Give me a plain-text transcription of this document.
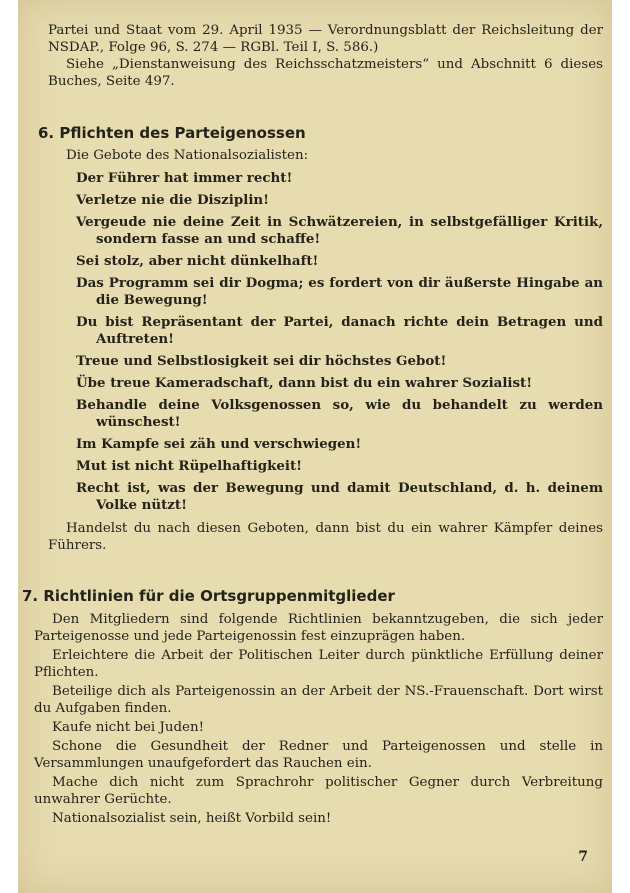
Partei und Staat vom 29. April 1935 — Verordnungsblatt der Reichsleitung der NSDAP., Folge 96, S. 274 — RGBl. Teil I, S. 586.)

Siehe „Dienstanweisung des Reichsschatzmeisters“ und Abschnitt 6 dieses Buches, Seite 497.

6. Pflichten des Parteigenossen

Die Gebote des Nationalsozialisten:

Der Führer hat immer recht!

Verletze nie die Disziplin!

Vergeude nie deine Zeit in Schwätzereien, in selbstgefälliger Kritik, sondern fasse an und schaffe!

Sei stolz, aber nicht dünkelhaft!

Das Programm sei dir Dogma; es fordert von dir äußerste Hingabe an die Bewegung!

Du bist Repräsentant der Partei, danach richte dein Betragen und Auftreten!

Treue und Selbstlosigkeit sei dir höchstes Gebot!

Übe treue Kameradschaft, dann bist du ein wahrer Sozialist!

Behandle deine Volksgenossen so, wie du behandelt zu werden wünschest!

Im Kampfe sei zäh und verschwiegen!

Mut ist nicht Rüpelhaftigkeit!

Recht ist, was der Bewegung und damit Deutschland, d. h. deinem Volke nützt!

Handelst du nach diesen Geboten, dann bist du ein wahrer Kämpfer deines Führers.

7. Richtlinien für die Ortsgruppenmitglieder

Den Mitgliedern sind folgende Richtlinien bekanntzugeben, die sich jeder Parteigenosse und jede Parteigenossin fest einzuprägen haben.

Erleichtere die Arbeit der Politischen Leiter durch pünktliche Erfüllung deiner Pflichten.

Beteilige dich als Parteigenossin an der Arbeit der NS.-Frauenschaft. Dort wirst du Aufgaben finden.

Kaufe nicht bei Juden!

Schone die Gesundheit der Redner und Parteigenossen und stelle in Versammlungen unaufgefordert das Rauchen ein.

Mache dich nicht zum Sprachrohr politischer Gegner durch Verbreitung unwahrer Gerüchte.

Nationalsozialist sein, heißt Vorbild sein!

7
